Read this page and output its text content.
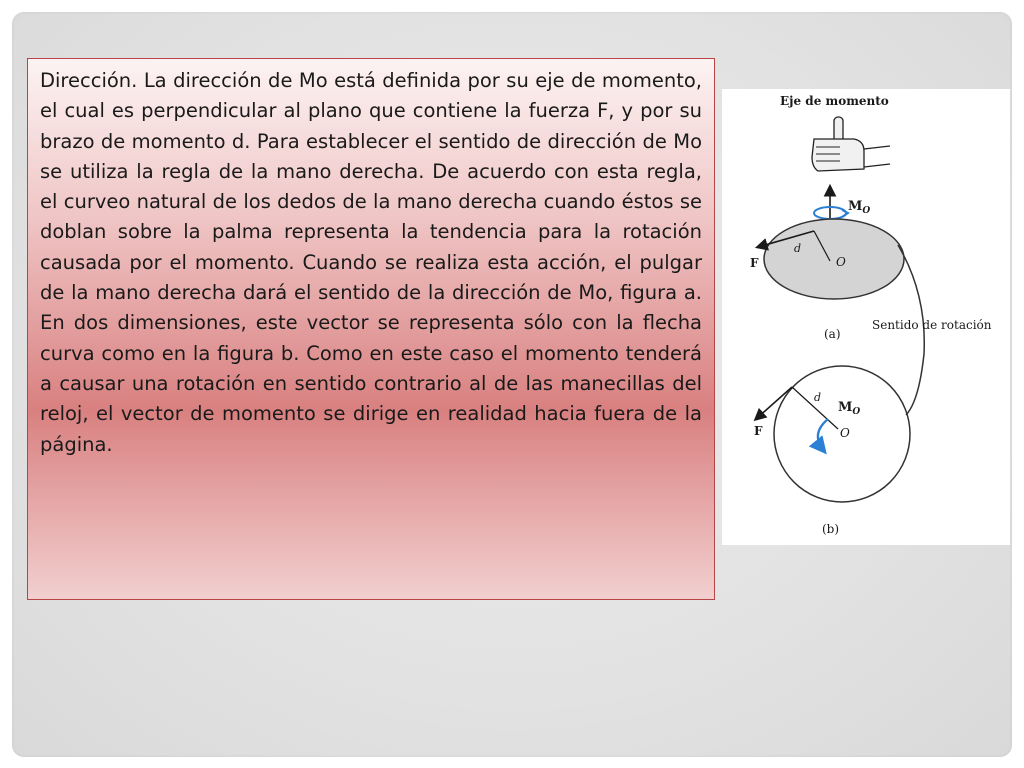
Dirección. La dirección de Mo está definida por su eje de momento, el cual es perpendicular al plano que contiene la fuerza F, y por su brazo de momento d. Para establecer el sentido de dirección de Mo se utiliza la regla de la mano derecha. De acuerdo con esta regla, el curveo natural de los dedos de la mano derecha cuando éstos se doblan sobre la palma representa la tendencia para la rotación causada por el momento. Cuando se realiza esta acción, el pulgar de la mano derecha dará el sentido de la dirección de Mo, figura a. En dos dimensiones, este vector se representa sólo con la flecha curva como en la figura b. Como en este caso el momento tenderá a causar una rotación en sentido contrario al de las manecillas del reloj, el vector de momento se dirige en realidad hacia fuera de la página.

Eje de momento
$M_O$
F
d
O
(a)
Sentido de rotación
F
d
$M_O$
O
(b)
